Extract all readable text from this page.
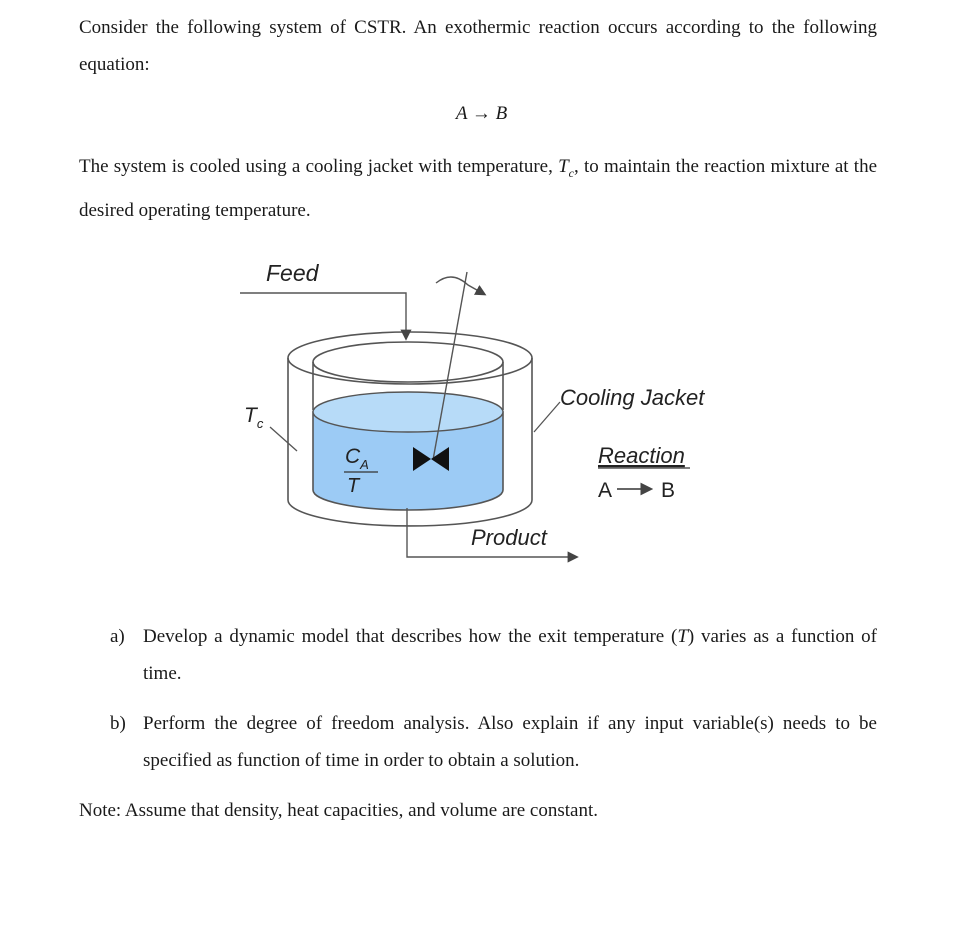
Consider the following system of CSTR. An exothermic reaction occurs according to the following equation:
A → B
The system is cooled using a cooling jacket with temperature, $T_c$, to maintain the reaction mixture at the desired operating temperature.
Feed
$T_c$
$C_A$
T
Cooling Jacket
Reaction
A B
Product
a) Develop a dynamic model that describes how the exit temperature (T) varies as a function of time.
b) Perform the degree of freedom analysis. Also explain if any input variable(s) needs to be specified as function of time in order to obtain a solution.
Note: Assume that density, heat capacities, and volume are constant.
